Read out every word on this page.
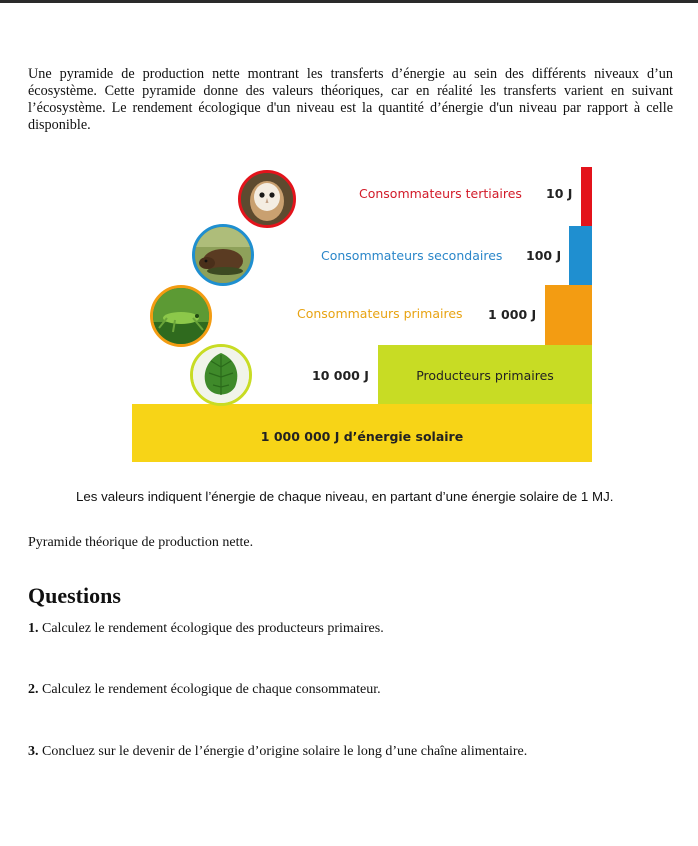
Une pyramide de production nette montrant les transferts d’énergie au sein des différents niveaux d’un écosystème. Cette pyramide donne des valeurs théoriques, car en réalité les transferts varient en suivant l’écosystème. Le rendement écologique d'un niveau est la quantité d’énergie d'un niveau par rapport à celle disponible.

1 000 000 J d’énergie solaire
Producteurs primaires
10 000 J
Consommateurs primaires 1 000 J
Consommateurs secondaires 100 J
Consommateurs tertiaires 10 J

Les valeurs indiquent l’énergie de chaque niveau, en partant d’une énergie solaire de 1 MJ.

Pyramide théorique de production nette.

Questions

1. Calculez le rendement écologique des producteurs primaires.

2. Calculez le rendement écologique de chaque consommateur.

3. Concluez sur le devenir de l’énergie d’origine solaire le long d’une chaîne alimentaire.
